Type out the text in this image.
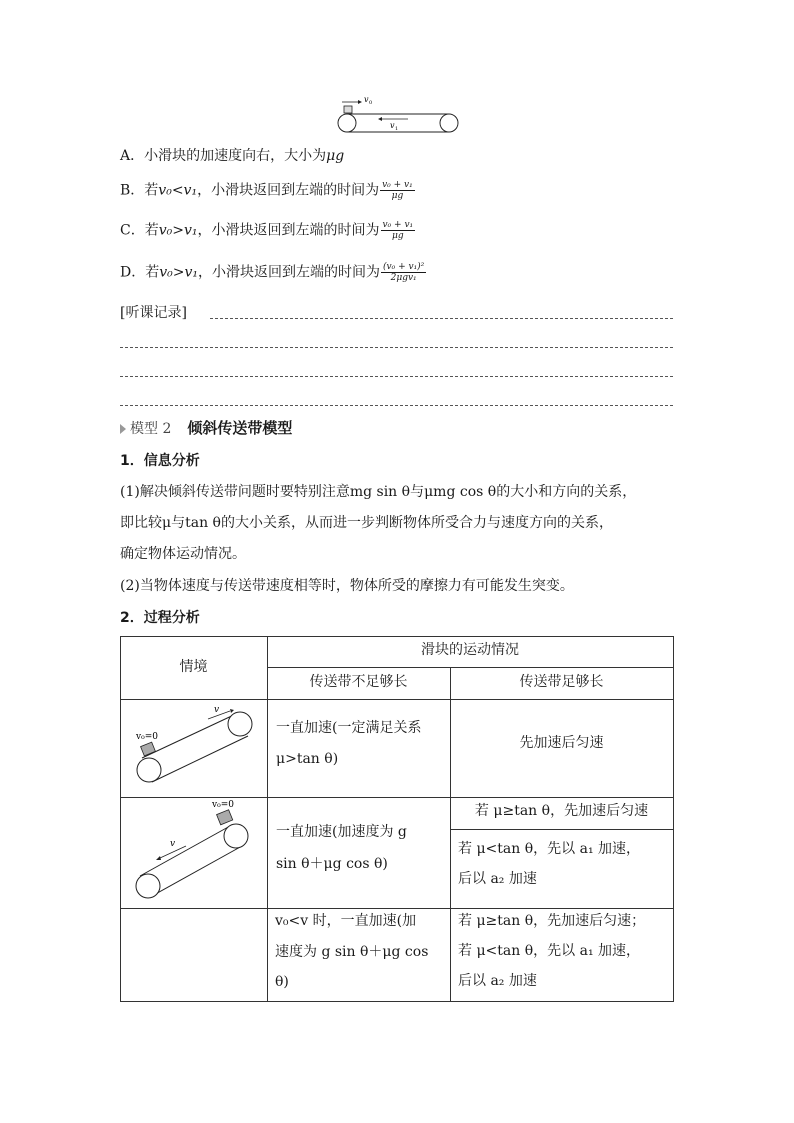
v 0
v 1
A．小滑块的加速度向右，大小为μg
B．若v₀<v₁，小滑块返回到左端的时间为 $\frac{\text{v₀ + v₁}}{\mu g}$
C．若v₀>v₁，小滑块返回到左端的时间为 $\frac{\text{v₀ + v₁}}{\mu g}$
D．若v₀>v₁，小滑块返回到左端的时间为 $\frac{\text{(v₀ + v₁)²}}{\text{2μgv₁}}$
[听课记录]
模型 2 倾斜传送带模型
1．信息分析
(1)解决倾斜传送带问题时要特别注意mg sin θ与μmg cos θ的大小和方向的关系，
即比较μ与tan θ的大小关系，从而进一步判断物体所受合力与速度方向的关系，
确定物体运动情况。
(2)当物体速度与传送带速度相等时，物体所受的摩擦力有可能发生突变。
2．过程分析
情境
滑块的运动情况
传送带不足够长	传送带足够长
v
v₀=0
一直加速(一定满足关系
μ>tan θ)
先加速后匀速
v₀=0
v
一直加速(加速度为 g
sin θ＋μg cos θ)
若 μ≥tan θ，先加速后匀速
若 μ<tan θ，先以 a₁ 加速，
后以 a₂ 加速
v₀<v 时，一直加速(加
速度为 g sin θ＋μg cos
θ)
若 μ≥tan θ，先加速后匀速；
若 μ<tan θ，先以 a₁ 加速，
后以 a₂ 加速
